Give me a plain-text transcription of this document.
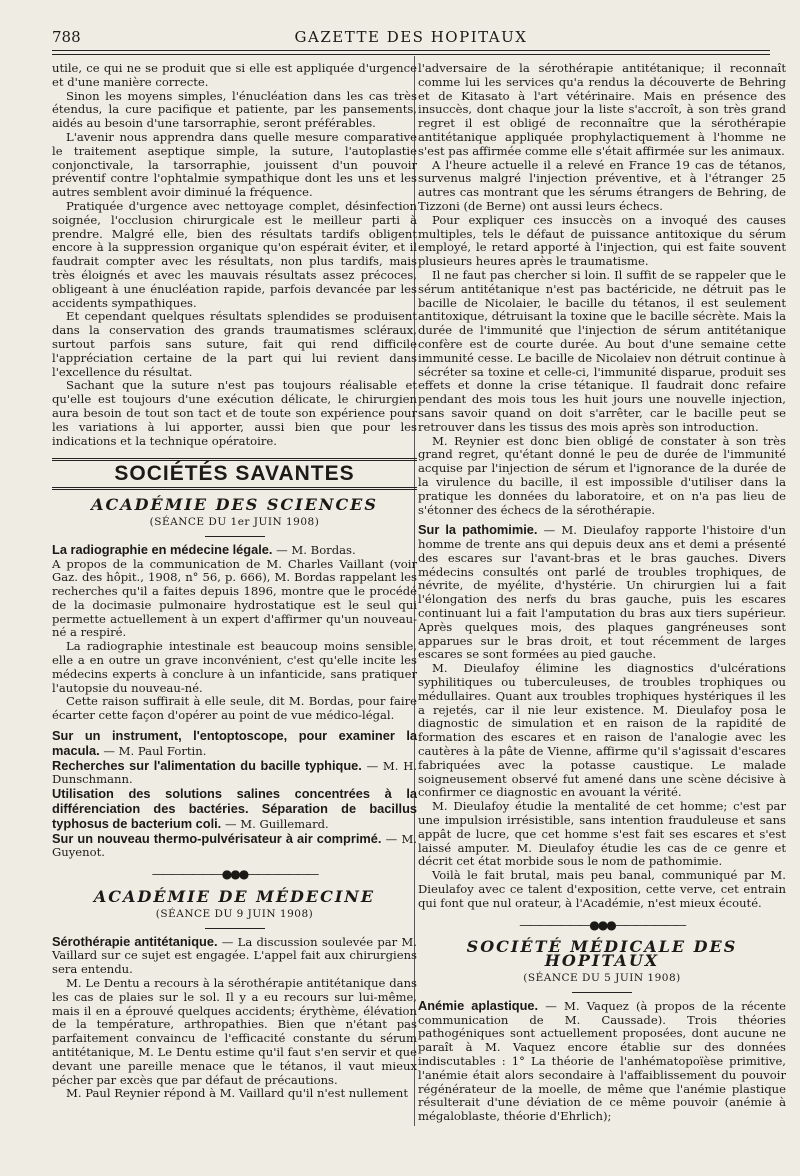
788	GAZETTE DES HOPITAUX

utile, ce qui ne se produit que si elle est appliquée d'urgence et d'une manière correcte.

Sinon les moyens simples, l'énucléation dans les cas très étendus, la cure pacifique et patiente, par les pansements, aidés au besoin d'une tarsorraphie, seront préférables.

L'avenir nous apprendra dans quelle mesure comparative le traitement aseptique simple, la suture, l'autoplastie conjonctivale, la tarsorraphie, jouissent d'un pouvoir préventif contre l'ophtalmie sympathique dont les uns et les autres semblent avoir diminué la fréquence.

Pratiquée d'urgence avec nettoyage complet, désinfection soignée, l'occlusion chirurgicale est le meilleur parti à prendre. Malgré elle, bien des résultats tardifs obligent encore à la suppression organique qu'on espérait éviter, et il faudrait compter avec les résultats, non plus tardifs, mais très éloignés et avec les mauvais résultats assez précoces, obligeant à une énucléation rapide, parfois devancée par les accidents sympathiques.

Et cependant quelques résultats splendides se produisent dans la conservation des grands traumatismes scléraux, surtout parfois sans suture, fait qui rend difficile l'appréciation certaine de la part qui lui revient dans l'excellence du résultat.

Sachant que la suture n'est pas toujours réalisable et qu'elle est toujours d'une exécution délicate, le chirurgien aura besoin de tout son tact et de toute son expérience pour les variations à lui apporter, aussi bien que pour les indications et la technique opératoire.

SOCIÉTÉS SAVANTES
ACADÉMIE DES SCIENCES
(SÉANCE DU 1er JUIN 1908)

La radiographie en médecine légale. — M. Bordas.

A propos de la communication de M. Charles Vaillant (voir Gaz. des hôpit., 1908, n° 56, p. 666), M. Bordas rappelant les recherches qu'il a faites depuis 1896, montre que le procédé de la docimasie pulmonaire hydrostatique est le seul qui permette actuellement à un expert d'affirmer qu'un nouveau-né a respiré.

La radiographie intestinale est beaucoup moins sensible, elle a en outre un grave inconvénient, c'est qu'elle incite les médecins experts à conclure à un infanticide, sans pratiquer l'autopsie du nouveau-né.

Cette raison suffirait à elle seule, dit M. Bordas, pour faire écarter cette façon d'opérer au point de vue médico-légal.

Sur un instrument, l'entoptoscope, pour examiner la macula. — M. Paul Fortin.

Recherches sur l'alimentation du bacille typhique. — M. H. Dunschmann.

Utilisation des solutions salines concentrées à la différenciation des bactéries. Séparation de bacillus typhosus de bacterium coli. — M. Guillemard.

Sur un nouveau thermo-pulvérisateur à air comprimé. — M. Guyenot.

———————●●●———————
ACADÉMIE DE MÉDECINE
(SÉANCE DU 9 JUIN 1908)

Sérothérapie antitétanique. — La discussion soulevée par M. Vaillard sur ce sujet est engagée. L'appel fait aux chirurgiens sera entendu.

M. Le Dentu a recours à la sérothérapie antitétanique dans les cas de plaies sur le sol. Il y a eu recours sur lui-même, mais il en a éprouvé quelques accidents; érythème, élévation de la température, arthropathies. Bien que n'étant pas parfaitement convaincu de l'efficacité constante du sérum antitétanique, M. Le Dentu estime qu'il faut s'en servir et que devant une pareille menace que le tétanos, il vaut mieux pécher par excès que par défaut de précautions.

M. Paul Reynier répond à M. Vaillard qu'il n'est nullement

l'adversaire de la sérothérapie antitétanique; il reconnaît comme lui les services qu'a rendus la découverte de Behring et de Kitasato à l'art vétérinaire. Mais en présence des insuccès, dont chaque jour la liste s'accroît, à son très grand regret il est obligé de reconnaître que la sérothérapie antitétanique appliquée prophylactiquement à l'homme ne s'est pas affirmée comme elle s'était affirmée sur les animaux.

A l'heure actuelle il a relevé en France 19 cas de tétanos, survenus malgré l'injection préventive, et à l'étranger 25 autres cas montrant que les sérums étrangers de Behring, de Tizzoni (de Berne) ont aussi leurs échecs.

Pour expliquer ces insuccès on a invoqué des causes multiples, tels le défaut de puissance antitoxique du sérum employé, le retard apporté à l'injection, qui est faite souvent plusieurs heures après le traumatisme.

Il ne faut pas chercher si loin. Il suffit de se rappeler que le sérum antitétanique n'est pas bactéricide, ne détruit pas le bacille de Nicolaier, le bacille du tétanos, il est seulement antitoxique, détruisant la toxine que le bacille sécrète. Mais la durée de l'immunité que l'injection de sérum antitétanique confère est de courte durée. Au bout d'une semaine cette immunité cesse. Le bacille de Nicolaiev non détruit continue à sécréter sa toxine et celle-ci, l'immunité disparue, produit ses effets et donne la crise tétanique. Il faudrait donc refaire pendant des mois tous les huit jours une nouvelle injection, sans savoir quand on doit s'arrêter, car le bacille peut se retrouver dans les tissus des mois après son introduction.

M. Reynier est donc bien obligé de constater à son très grand regret, qu'étant donné le peu de durée de l'immunité acquise par l'injection de sérum et l'ignorance de la durée de la virulence du bacille, il est impossible d'utiliser dans la pratique les données du laboratoire, et on n'a pas lieu de s'étonner des échecs de la sérothérapie.

Sur la pathomimie. — M. Dieulafoy rapporte l'histoire d'un homme de trente ans qui depuis deux ans et demi a présenté des escares sur l'avant-bras et le bras gauches. Divers médecins consultés ont parlé de troubles trophiques, de névrite, de myélite, d'hystérie. Un chirurgien lui a fait l'élongation des nerfs du bras gauche, puis les escares continuant lui a fait l'amputation du bras aux tiers supérieur. Après quelques mois, des plaques gangréneuses sont apparues sur le bras droit, et tout récemment de larges escares se sont formées au pied gauche.

M. Dieulafoy élimine les diagnostics d'ulcérations syphilitiques ou tuberculeuses, de troubles trophiques ou médullaires. Quant aux troubles trophiques hystériques il les a rejetés, car il nie leur existence. M. Dieulafoy posa le diagnostic de simulation et en raison de la rapidité de formation des escares et en raison de l'analogie avec les cautères à la pâte de Vienne, affirme qu'il s'agissait d'escares fabriquées avec la potasse caustique. Le malade soigneusement observé fut amené dans une scène décisive à confirmer ce diagnostic en avouant la vérité.

M. Dieulafoy étudie la mentalité de cet homme; c'est par une impulsion irrésistible, sans intention frauduleuse et sans appât de lucre, que cet homme s'est fait ses escares et s'est laissé amputer. M. Dieulafoy étudie les cas de ce genre et décrit cet état morbide sous le nom de pathomimie.

Voilà le fait brutal, mais peu banal, communiqué par M. Dieulafoy avec ce talent d'exposition, cette verve, cet entrain qui font que nul orateur, à l'Académie, n'est mieux écouté.

———————●●●———————
SOCIÉTÉ MÉDICALE DES HOPITAUX
(SÉANCE DU 5 JUIN 1908)

Anémie aplastique. — M. Vaquez (à propos de la récente communication de M. Caussade). Trois théories pathogéniques sont actuellement proposées, dont aucune ne paraît à M. Vaquez encore établie sur des données indiscutables : 1° La théorie de l'anhématopoïèse primitive, l'anémie était alors secondaire à l'affaiblissement du pouvoir régénérateur de la moelle, de même que l'anémie plastique résulterait d'une déviation de ce même pouvoir (anémie à mégaloblaste, théorie d'Ehrlich);
